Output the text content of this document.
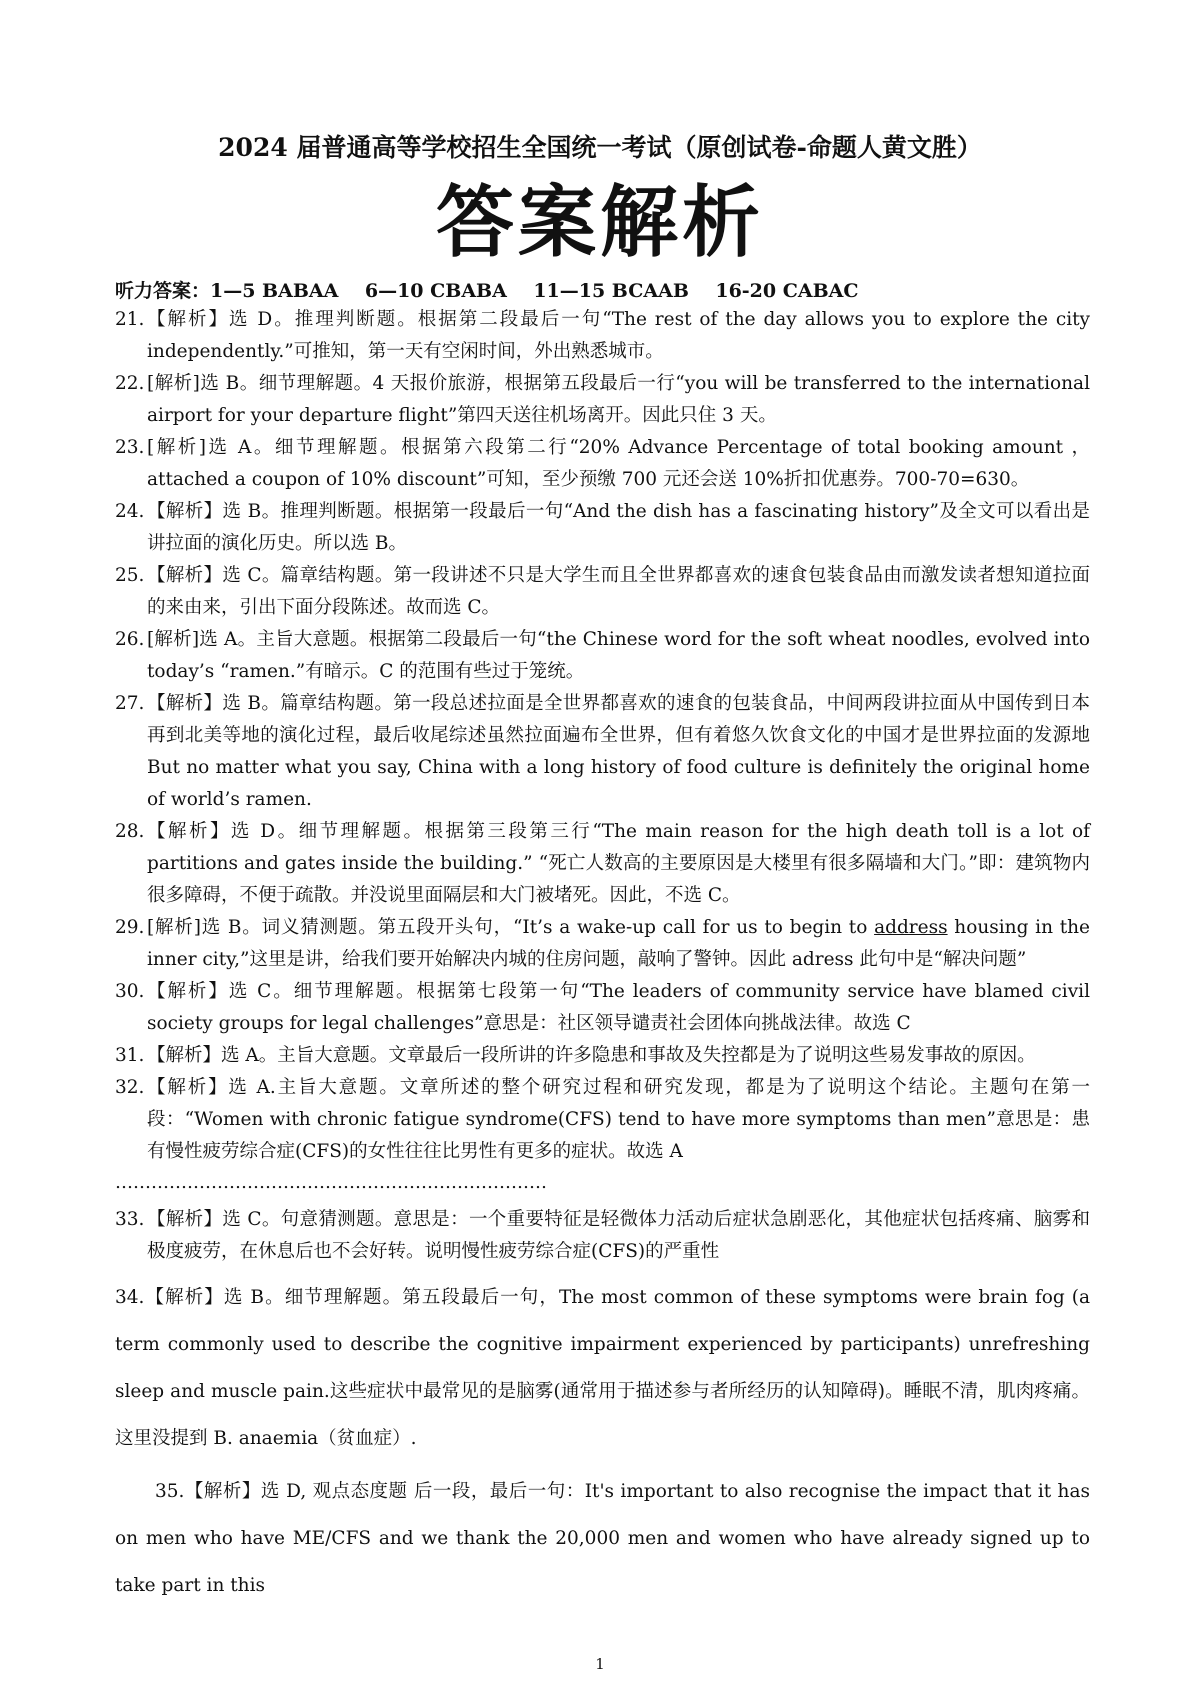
2024 届普通高等学校招生全国统一考试（原创试卷-命题人黄文胜）
答案解析
听力答案：1—5 BABAA    6—10 CBABA    11—15 BCAAB    16-20 CABAC
21. 【解析】选 D。推理判断题。根据第二段最后一句“The rest of the day allows you to explore the city independently.”可推知，第一天有空闲时间，外出熟悉城市。
22. [解析]选 B。细节理解题。4 天报价旅游，根据第五段最后一行“you will be transferred to the international airport for your departure flight”第四天送往机场离开。因此只住 3 天。
23. [解析]选 A。细节理解题。根据第六段第二行“20% Advance Percentage of total booking amount ，attached a coupon of 10% discount”可知，至少预缴 700 元还会送 10%折扣优惠券。700-70=630。
24. 【解析】选 B。推理判断题。根据第一段最后一句“And the dish has a fascinating history”及全文可以看出是讲拉面的演化历史。所以选 B。
25. 【解析】选 C。篇章结构题。第一段讲述不只是大学生而且全世界都喜欢的速食包装食品由而激发读者想知道拉面的来由来，引出下面分段陈述。故而选 C。
26. [解析]选 A。主旨大意题。根据第二段最后一句“the Chinese word for the soft wheat noodles, evolved into today’s “ramen.”有暗示。C 的范围有些过于笼统。
27. 【解析】选 B。篇章结构题。第一段总述拉面是全世界都喜欢的速食的包装食品，中间两段讲拉面从中国传到日本再到北美等地的演化过程，最后收尾综述虽然拉面遍布全世界，但有着悠久饮食文化的中国才是世界拉面的发源地 But no matter what you say, China with a long history of food culture is definitely the original home of world’s ramen.
28. 【解析】选 D。细节理解题。根据第三段第三行“The main reason for the high death toll is a lot of partitions and gates inside the building.” “死亡人数高的主要原因是大楼里有很多隔墙和大门。”即：建筑物内很多障碍，不便于疏散。并没说里面隔层和大门被堵死。因此，不选 C。
29. [解析]选 B。词义猜测题。第五段开头句，“It’s a wake-up call for us to begin to address housing in the inner city,”这里是讲，给我们要开始解决内城的住房问题，敲响了警钟。因此 adress 此句中是“解决问题”
30. 【解析】选 C。细节理解题。根据第七段第一句“The leaders of community service have blamed civil society groups for legal challenges”意思是：社区领导谴责社会团体向挑战法律。故选 C
31. 【解析】选 A。主旨大意题。文章最后一段所讲的许多隐患和事故及失控都是为了说明这些易发事故的原因。
32. 【解析】选 A.主旨大意题。文章所述的整个研究过程和研究发现，都是为了说明这个结论。主题句在第一段：“Women with chronic fatigue syndrome(CFS) tend to have more symptoms than men”意思是：患有慢性疲劳综合症(CFS)的女性往往比男性有更多的症状。故选 A
………………………………………………………………
33. 【解析】选 C。句意猜测题。意思是：一个重要特征是轻微体力活动后症状急剧恶化，其他症状包括疼痛、脑雾和极度疲劳，在休息后也不会好转。说明慢性疲劳综合症(CFS)的严重性
34.【解析】选 B。细节理解题。第五段最后一句，The most common of these symptoms were brain fog (a term commonly used to describe the cognitive impairment experienced by participants) unrefreshing sleep and muscle pain.这些症状中最常见的是脑雾(通常用于描述参与者所经历的认知障碍)。睡眠不清，肌肉疼痛。这里没提到 B. anaemia（贫血症）.
35.【解析】选 D, 观点态度题 后一段，最后一句：It's important to also recognise the impact that it has on men who have ME/CFS and we thank the 20,000 men and women who have already signed up to take part in this
1
